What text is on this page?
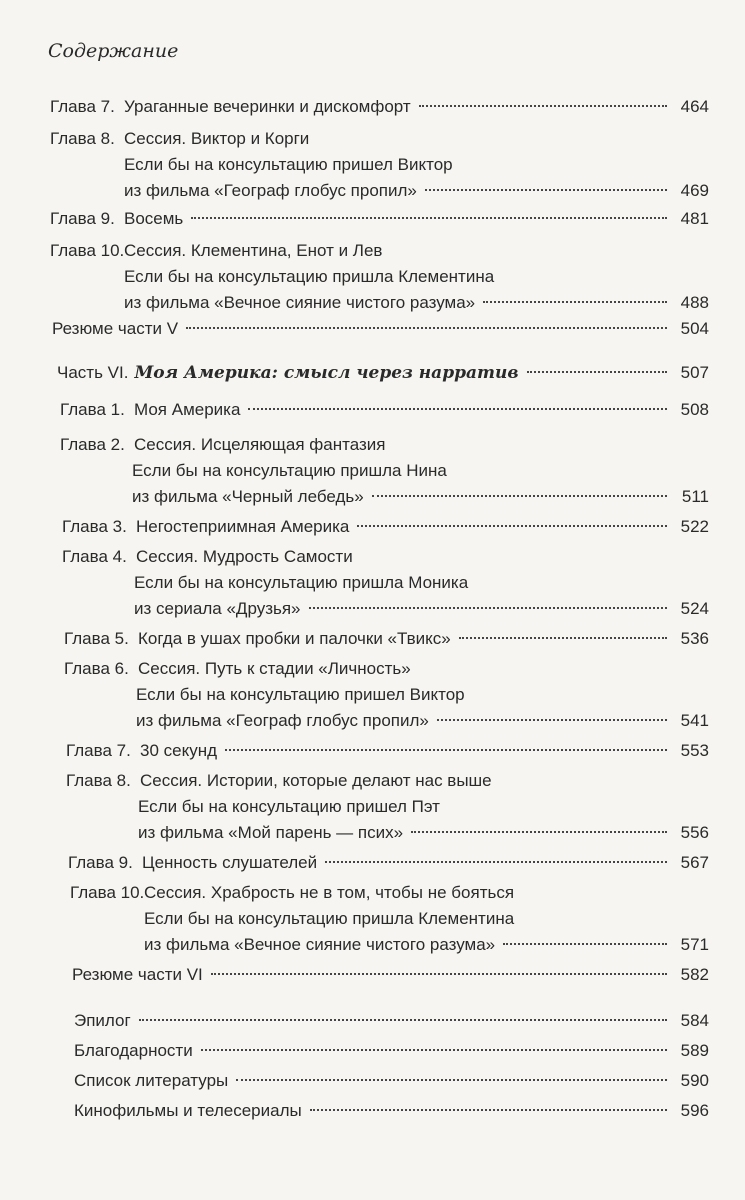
Содержание
Глава 7. Ураганные вечеринки и дискомфорт	464
Глава 8. Сессия. Виктор и Корги
Если бы на консультацию пришел Виктор
из фильма «Географ глобус пропил»	469
Глава 9. Восемь	481
Глава 10. Сессия. Клементина, Енот и Лев
Если бы на консультацию пришла Клементина
из фильма «Вечное сияние чистого разума»	488
Резюме части V	504
Часть VI. Моя Америка: смысл через нарратив	507
Глава 1. Моя Америка	508
Глава 2. Сессия. Исцеляющая фантазия
Если бы на консультацию пришла Нина
из фильма «Черный лебедь»	511
Глава 3. Негостеприимная Америка	522
Глава 4. Сессия. Мудрость Самости
Если бы на консультацию пришла Моника
из сериала «Друзья»	524
Глава 5. Когда в ушах пробки и палочки «Твикс»	536
Глава 6. Сессия. Путь к стадии «Личность»
Если бы на консультацию пришел Виктор
из фильма «Географ глобус пропил»	541
Глава 7. 30 секунд	553
Глава 8. Сессия. Истории, которые делают нас выше
Если бы на консультацию пришел Пэт
из фильма «Мой парень — псих»	556
Глава 9. Ценность слушателей	567
Глава 10. Сессия. Храбрость не в том, чтобы не бояться
Если бы на консультацию пришла Клементина
из фильма «Вечное сияние чистого разума»	571
Резюме части VI	582
Эпилог	584
Благодарности	589
Список литературы	590
Кинофильмы и телесериалы	596
